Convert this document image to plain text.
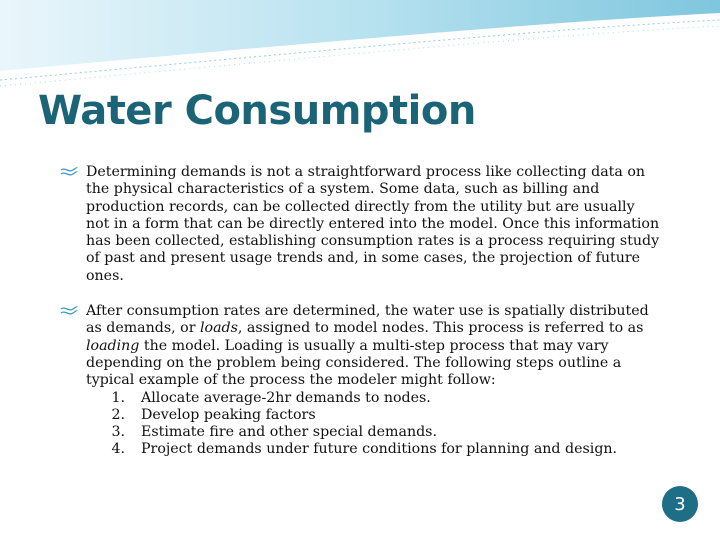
Water Consumption
Determining demands is not a straightforward process like collecting data on the physical characteristics of a system. Some data, such as billing and production records, can be collected directly from the utility but are usually not in a form that can be directly entered into the model. Once this information has been collected, establishing consumption rates is a process requiring study of past and present usage trends and, in some cases, the projection of future ones.
After consumption rates are determined, the water use is spatially distributed as demands, or loads, assigned to model nodes. This process is referred to as loading the model. Loading is usually a multi-step process that may vary depending on the problem being considered. The following steps outline a typical example of the process the modeler might follow:
1.	Allocate average-2hr demands to nodes.
2.	Develop peaking factors
3.	Estimate fire and other special demands.
4.	Project demands under future conditions for planning and design.
3
